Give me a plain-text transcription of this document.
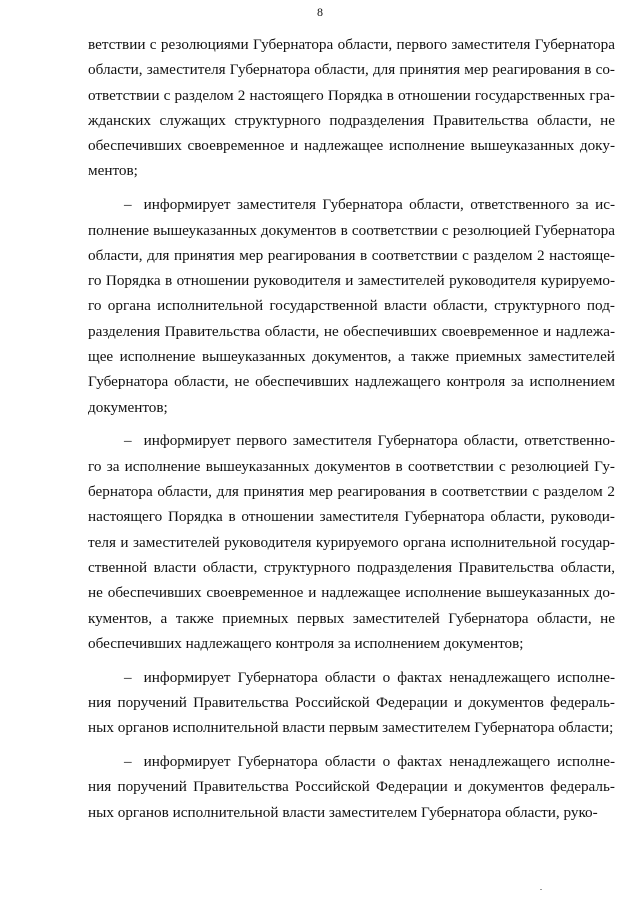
8
ветствии с резолюциями Губернатора области, первого заместителя Губернатора
области, заместителя Губернатора области, для принятия мер реагирования в со-
ответствии с разделом 2 настоящего Порядка в отношении государственных гра-
жданских служащих структурного подразделения Правительства области, не
обеспечивших своевременное и надлежащее исполнение вышеуказанных доку-
ментов;
– информирует заместителя Губернатора области, ответственного за ис-
полнение вышеуказанных документов в соответствии с резолюцией Губернатора
области, для принятия мер реагирования в соответствии с разделом 2 настояще-
го Порядка в отношении руководителя и заместителей руководителя курируемо-
го органа исполнительной государственной власти области, структурного под-
разделения Правительства области, не обеспечивших своевременное и надлежа-
щее исполнение вышеуказанных документов, а также приемных заместителей
Губернатора области, не обеспечивших надлежащего контроля за исполнением
документов;
– информирует первого заместителя Губернатора области, ответственно-
го за исполнение вышеуказанных документов в соответствии с резолюцией Гу-
бернатора области, для принятия мер реагирования в соответствии с разделом 2
настоящего Порядка в отношении заместителя Губернатора области, руководи-
теля и заместителей руководителя курируемого органа исполнительной государ-
ственной власти области, структурного подразделения Правительства области,
не обеспечивших своевременное и надлежащее исполнение вышеуказанных до-
кументов, а также приемных первых заместителей Губернатора области, не
обеспечивших надлежащего контроля за исполнением документов;
– информирует Губернатора области о фактах ненадлежащего исполне-
ния поручений Правительства Российской Федерации и документов федераль-
ных органов исполнительной власти первым заместителем Губернатора области;
– информирует Губернатора области о фактах ненадлежащего исполне-
ния поручений Правительства Российской Федерации и документов федераль-
ных органов исполнительной власти заместителем Губернатора области, руко-
